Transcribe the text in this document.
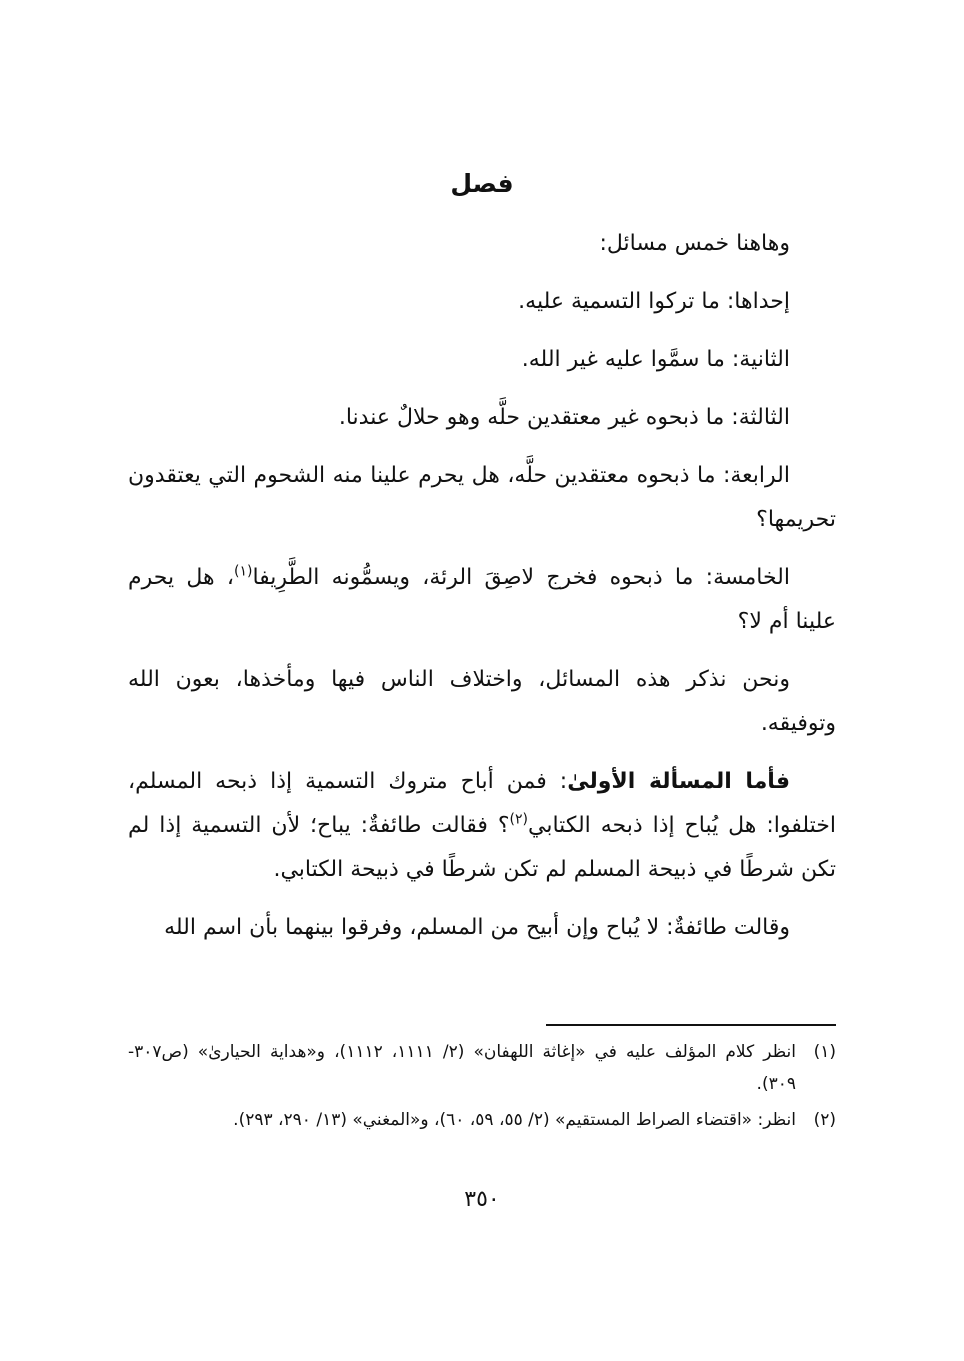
فصل

وهاهنا خمس مسائل:

إحداها: ما تركوا التسمية عليه.

الثانية: ما سمَّوا عليه غير الله.

الثالثة: ما ذبحوه غير معتقدين حلَّه وهو حلالٌ عندنا.

الرابعة: ما ذبحوه معتقدين حلَّه، هل يحرم علينا منه الشحوم التي يعتقدون تحريمها؟

الخامسة: ما ذبحوه فخرج لاصِقَ الرئة، ويسمُّونه الطَّرِيفا$^{(١)}$، هل يحرم علينا أم لا؟

ونحن نذكر هذه المسائل، واختلاف الناس فيها ومأخذها، بعون الله وتوفيقه.

فأما المسألة الأولىٰ: فمن أباح متروك التسمية إذا ذبحه المسلم، اختلفوا: هل يُباح إذا ذبحه الكتابي$^{(٢)}$؟ فقالت طائفةٌ: يباح؛ لأن التسمية إذا لم تكن شرطًا في ذبيحة المسلم لم تكن شرطًا في ذبيحة الكتابي.

وقالت طائفةٌ: لا يُباح وإن أبيح من المسلم، وفرقوا بينهما بأن اسم الله

(١)
انظر كلام المؤلف عليه في «إغاثة اللهفان» (٢/ ١١١١، ١١١٢)، و«هداية الحيارىٰ» (ص٣٠٧- ٣٠٩).
(٢)
انظر: «اقتضاء الصراط المستقيم» (٢/ ٥٥، ٥٩، ٦٠)، و«المغني» (١٣/ ٢٩٠، ٢٩٣).
٣٥٠
